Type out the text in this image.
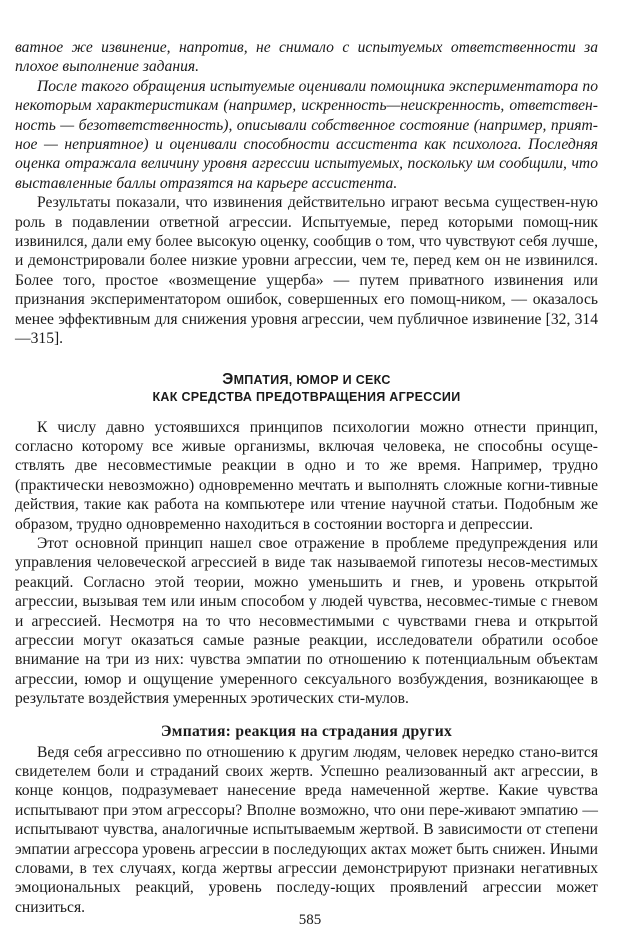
ватное же извинение, напротив, не снимало с испытуемых ответственности за плохое выполнение задания.

После такого обращения испытуемые оценивали помощника экспериментатора по некоторым характеристикам (например, искренность—неискренность, ответствен-ность — безответственность), описывали собственное состояние (например, прият-ное — неприятное) и оценивали способности ассистента как психолога. Последняя оценка отражала величину уровня агрессии испытуемых, поскольку им сообщили, что выставленные баллы отразятся на карьере ассистента.

Результаты показали, что извинения действительно играют весьма существен-ную роль в подавлении ответной агрессии. Испытуемые, перед которыми помощ-ник извинился, дали ему более высокую оценку, сообщив о том, что чувствуют себя лучше, и демонстрировали более низкие уровни агрессии, чем те, перед кем он не извинился. Более того, простое «возмещение ущерба» — путем приватного извинения или признания экспериментатором ошибок, совершенных его помощ-ником, — оказалось менее эффективным для снижения уровня агрессии, чем публичное извинение [32, 314—315].

ЭМПАТИЯ, ЮМОР И СЕКС
КАК СРЕДСТВА ПРЕДОТВРАЩЕНИЯ АГРЕССИИ

К числу давно устоявшихся принципов психологии можно отнести принцип, согласно которому все живые организмы, включая человека, не способны осуще-ствлять две несовместимые реакции в одно и то же время. Например, трудно (практически невозможно) одновременно мечтать и выполнять сложные когни-тивные действия, такие как работа на компьютере или чтение научной статьи. Подобным же образом, трудно одновременно находиться в состоянии восторга и депрессии.

Этот основной принцип нашел свое отражение в проблеме предупреждения или управления человеческой агрессией в виде так называемой гипотезы несов-местимых реакций. Согласно этой теории, можно уменьшить и гнев, и уровень открытой агрессии, вызывая тем или иным способом у людей чувства, несовмес-тимые с гневом и агрессией. Несмотря на то что несовместимыми с чувствами гнева и открытой агрессии могут оказаться самые разные реакции, исследователи обратили особое внимание на три из них: чувства эмпатии по отношению к потенциальным объектам агрессии, юмор и ощущение умеренного сексуального возбуждения, возникающее в результате воздействия умеренных эротических сти-мулов.

Эмпатия: реакция на страдания других

Ведя себя агрессивно по отношению к другим людям, человек нередко стано-вится свидетелем боли и страданий своих жертв. Успешно реализованный акт агрессии, в конце концов, подразумевает нанесение вреда намеченной жертве. Какие чувства испытывают при этом агрессоры? Вполне возможно, что они пере-живают эмпатию — испытывают чувства, аналогичные испытываемым жертвой. В зависимости от степени эмпатии агрессора уровень агрессии в последующих актах может быть снижен. Иными словами, в тех случаях, когда жертвы агрессии демонстрируют признаки негативных эмоциональных реакций, уровень последу-ющих проявлений агрессии может снизиться.

585
